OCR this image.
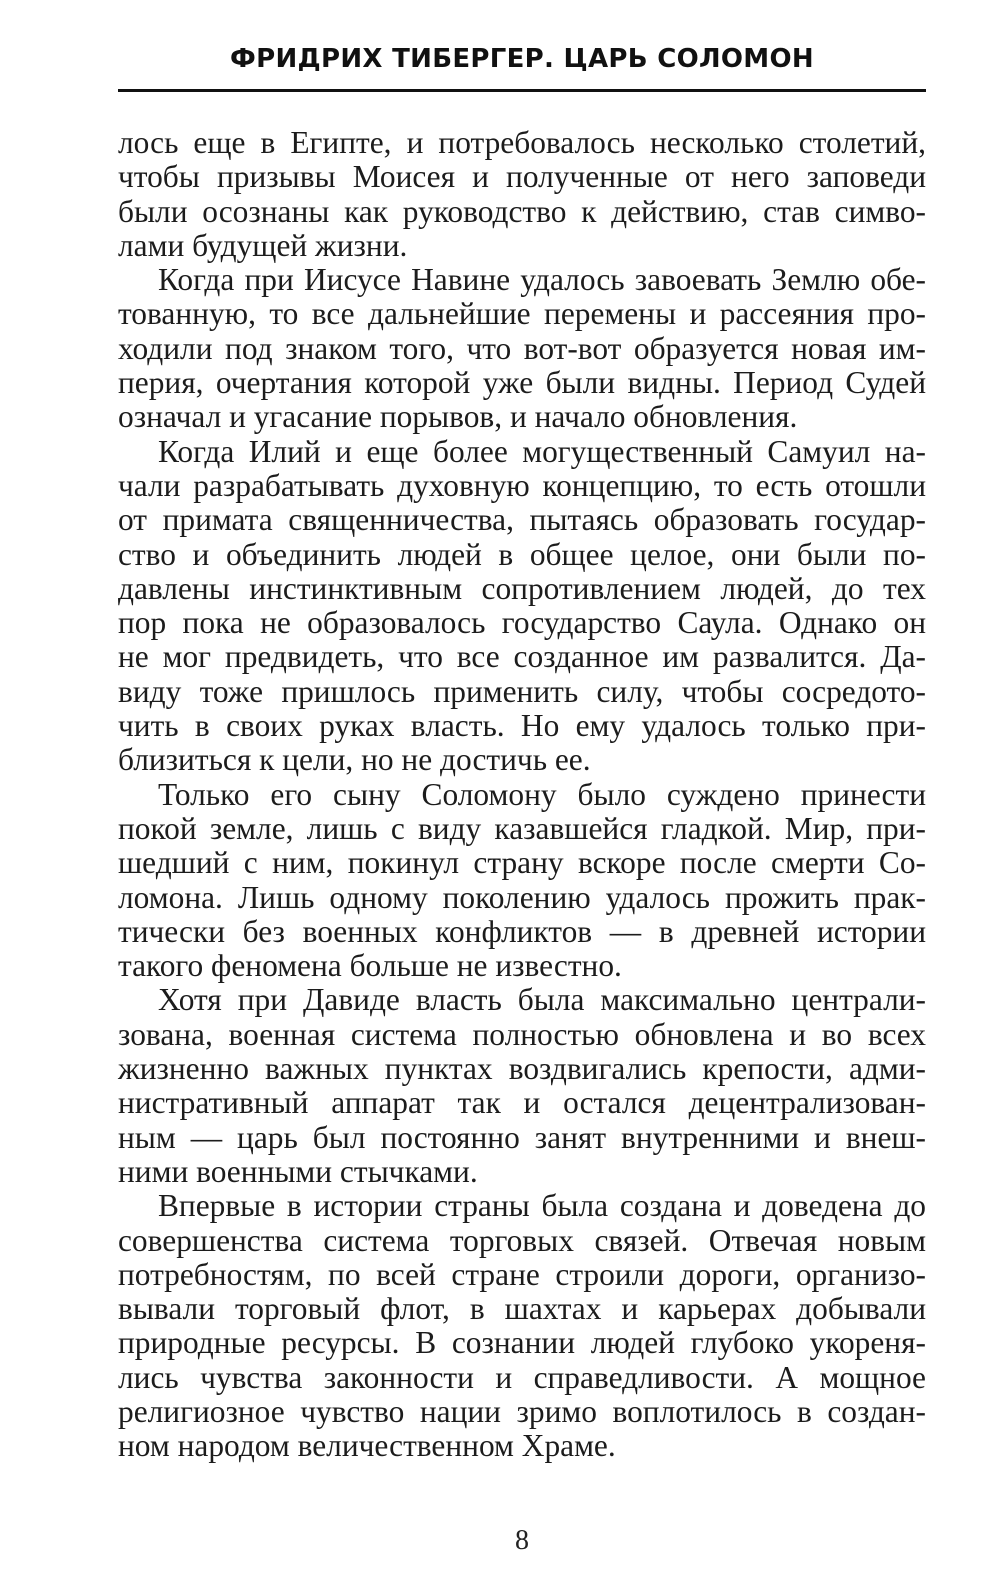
ФРИДРИХ ТИБЕРГЕР. ЦАРЬ СОЛОМОН
лось еще в Египте, и потребовалось несколько столетий,
чтобы призывы Моисея и полученные от него заповеди
были осознаны как руководство к действию, став симво-
лами будущей жизни.
Когда при Иисусе Навине удалось завоевать Землю обе-
тованную, то все дальнейшие перемены и рассеяния про-
ходили под знаком того, что вот-вот образуется новая им-
перия, очертания которой уже были видны. Период Судей
означал и угасание порывов, и начало обновления.
Когда Илий и еще более могущественный Самуил на-
чали разрабатывать духовную концепцию, то есть отошли
от примата священничества, пытаясь образовать государ-
ство и объединить людей в общее целое, они были по-
давлены инстинктивным сопротивлением людей, до тех
пор пока не образовалось государство Саула. Однако он
не мог предвидеть, что все созданное им развалится. Да-
виду тоже пришлось применить силу, чтобы сосредото-
чить в своих руках власть. Но ему удалось только при-
близиться к цели, но не достичь ее.
Только его сыну Соломону было суждено принести
покой земле, лишь с виду казавшейся гладкой. Мир, при-
шедший с ним, покинул страну вскоре после смерти Со-
ломона. Лишь одному поколению удалось прожить прак-
тически без военных конфликтов — в древней истории
такого феномена больше не известно.
Хотя при Давиде власть была максимально централи-
зована, военная система полностью обновлена и во всех
жизненно важных пунктах воздвигались крепости, адми-
нистративный аппарат так и остался децентрализован-
ным — царь был постоянно занят внутренними и внеш-
ними военными стычками.
Впервые в истории страны была создана и доведена до
совершенства система торговых связей. Отвечая новым
потребностям, по всей стране строили дороги, организо-
вывали торговый флот, в шахтах и карьерах добывали
природные ресурсы. В сознании людей глубоко укореня-
лись чувства законности и справедливости. А мощное
религиозное чувство нации зримо воплотилось в создан-
ном народом величественном Храме.
8
